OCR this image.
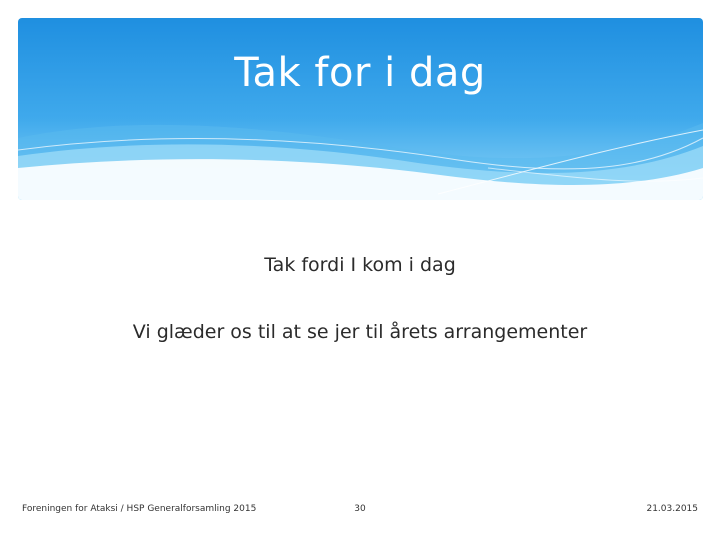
Tak for i dag
Tak fordi I kom i dag
Vi glæder os til at se jer til årets arrangementer
Foreningen for Ataksi / HSP Generalforsamling 2015	30	21.03.2015
